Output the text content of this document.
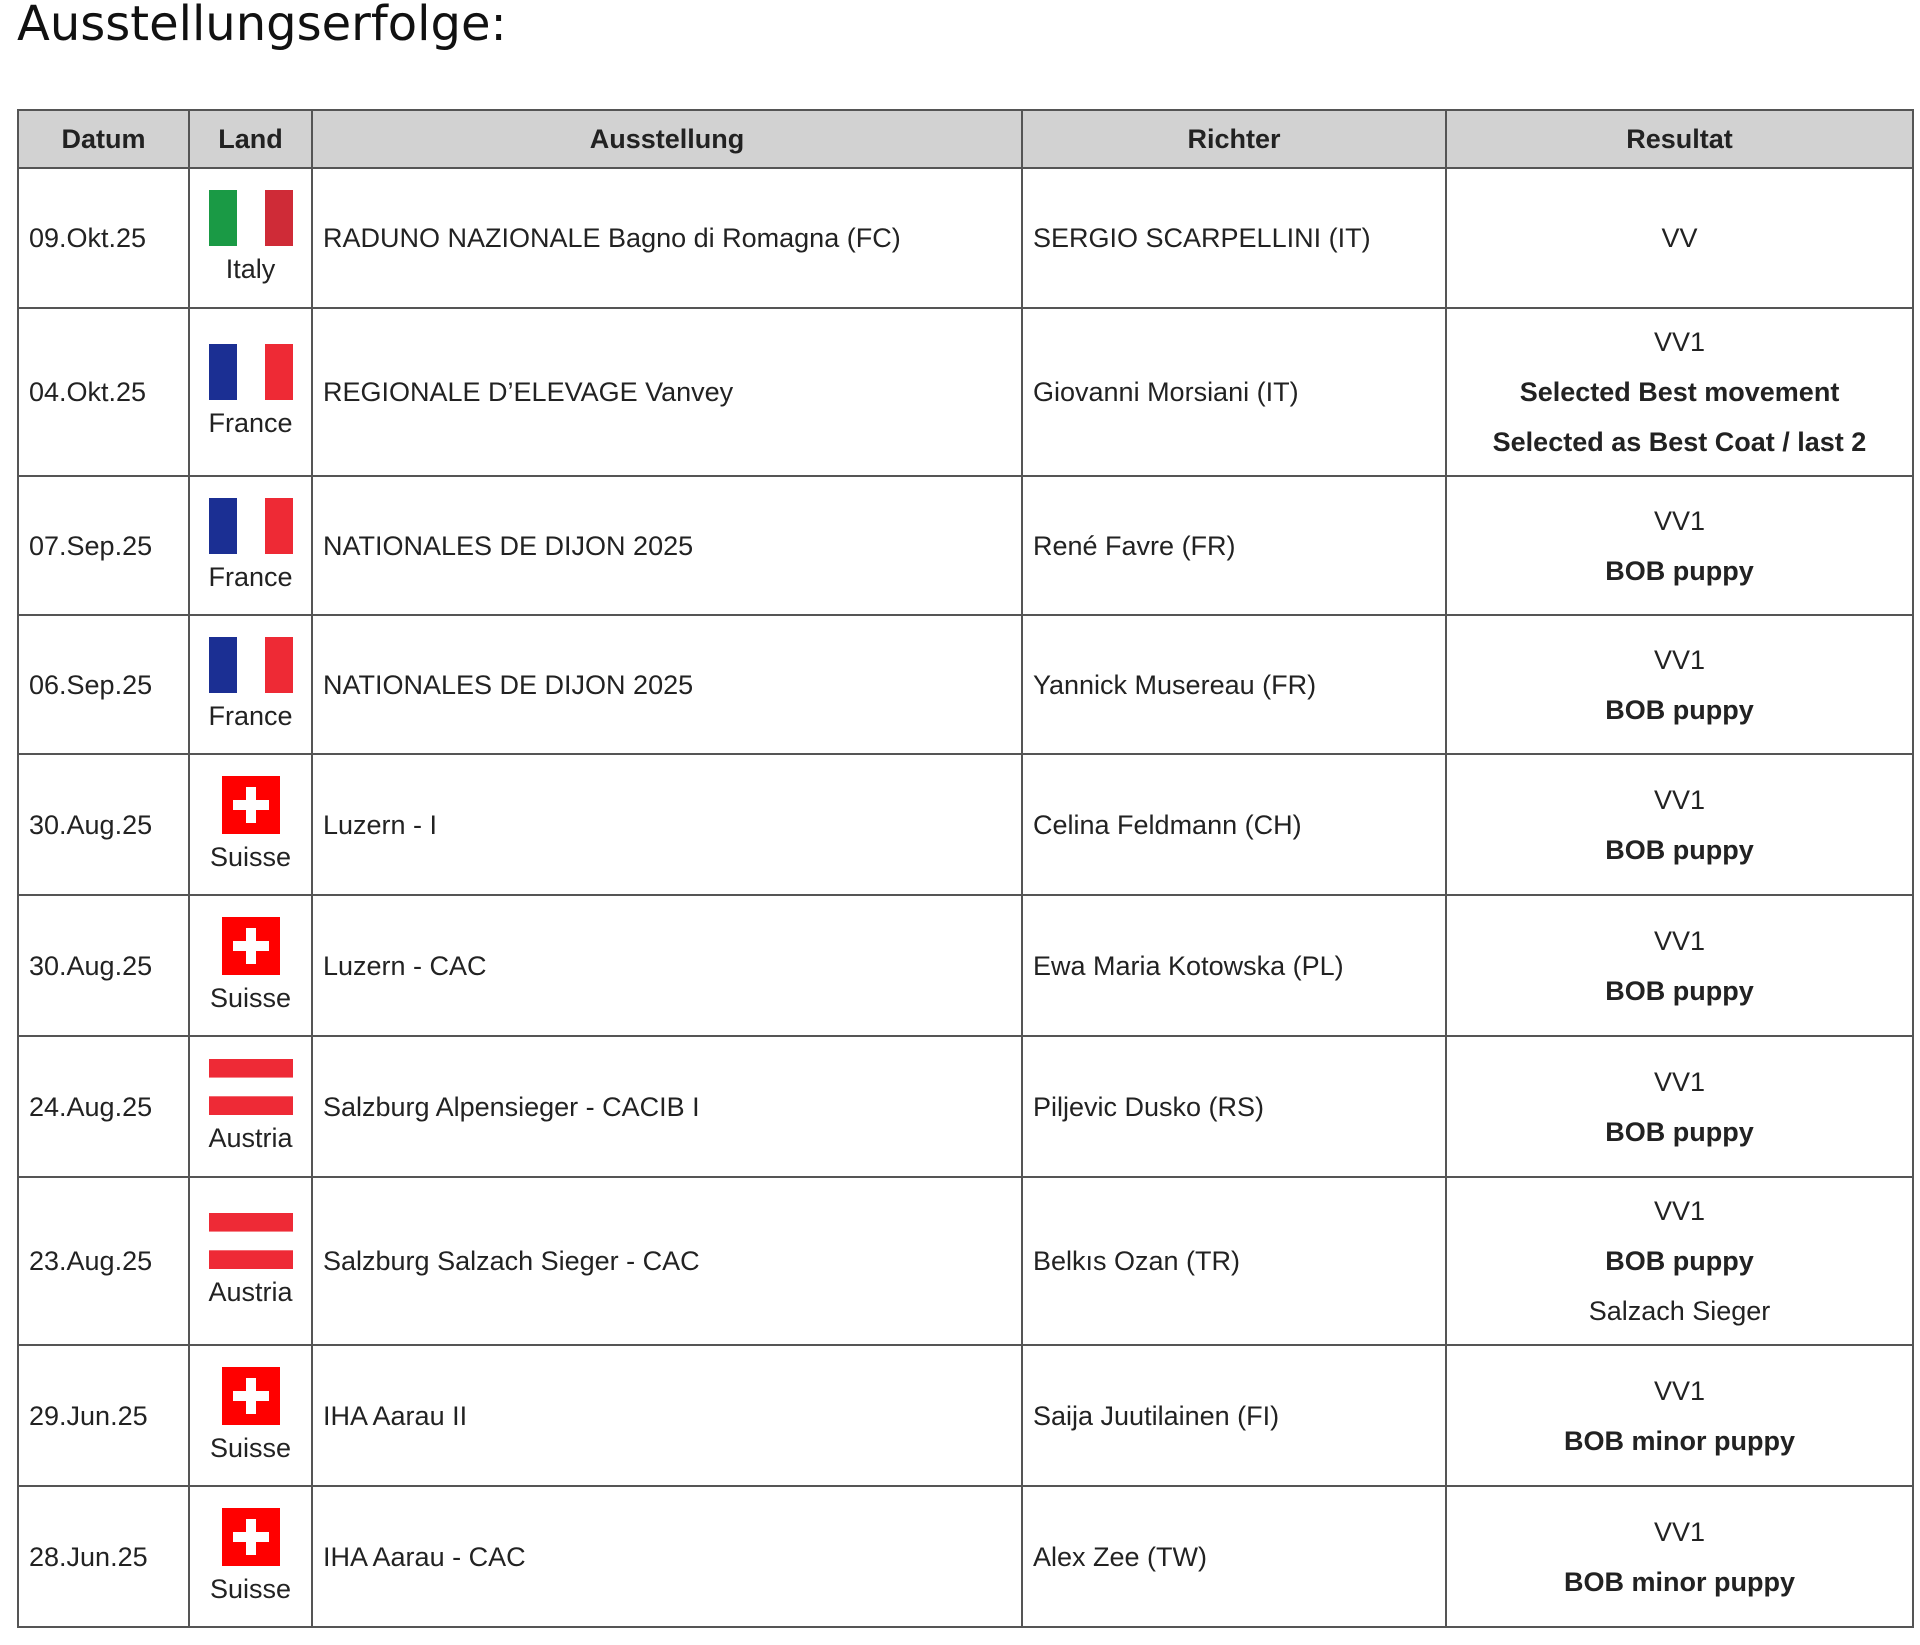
Ausstellungserfolge:
Datum	Land	Ausstellung	Richter	Resultat
09.Okt.25	Italy	RADUNO NAZIONALE Bagno di Romagna (FC)	SERGIO SCARPELLINI (IT)	VV

04.Okt.25	France	REGIONALE D’ELEVAGE Vanvey	Giovanni Morsiani (IT)	VV1
Selected Best movement
Selected as Best Coat / last 2

07.Sep.25	France	NATIONALES DE DIJON 2025	René Favre (FR)	VV1
BOB puppy

06.Sep.25	France	NATIONALES DE DIJON 2025	Yannick Musereau (FR)	VV1
BOB puppy

30.Aug.25	Suisse	Luzern - I	Celina Feldmann (CH)	VV1
BOB puppy

30.Aug.25	Suisse	Luzern - CAC	Ewa Maria Kotowska (PL)	VV1
BOB puppy

24.Aug.25	Austria	Salzburg Alpensieger - CACIB I	Piljevic Dusko (RS)	VV1
BOB puppy

23.Aug.25	Austria	Salzburg Salzach Sieger - CAC	Belkıs Ozan (TR)	VV1
BOB puppy
Salzach Sieger

29.Jun.25	Suisse	IHA Aarau II	Saija Juutilainen (FI)	VV1
BOB minor puppy

28.Jun.25	Suisse	IHA Aarau - CAC	Alex Zee (TW)	VV1
BOB minor puppy
